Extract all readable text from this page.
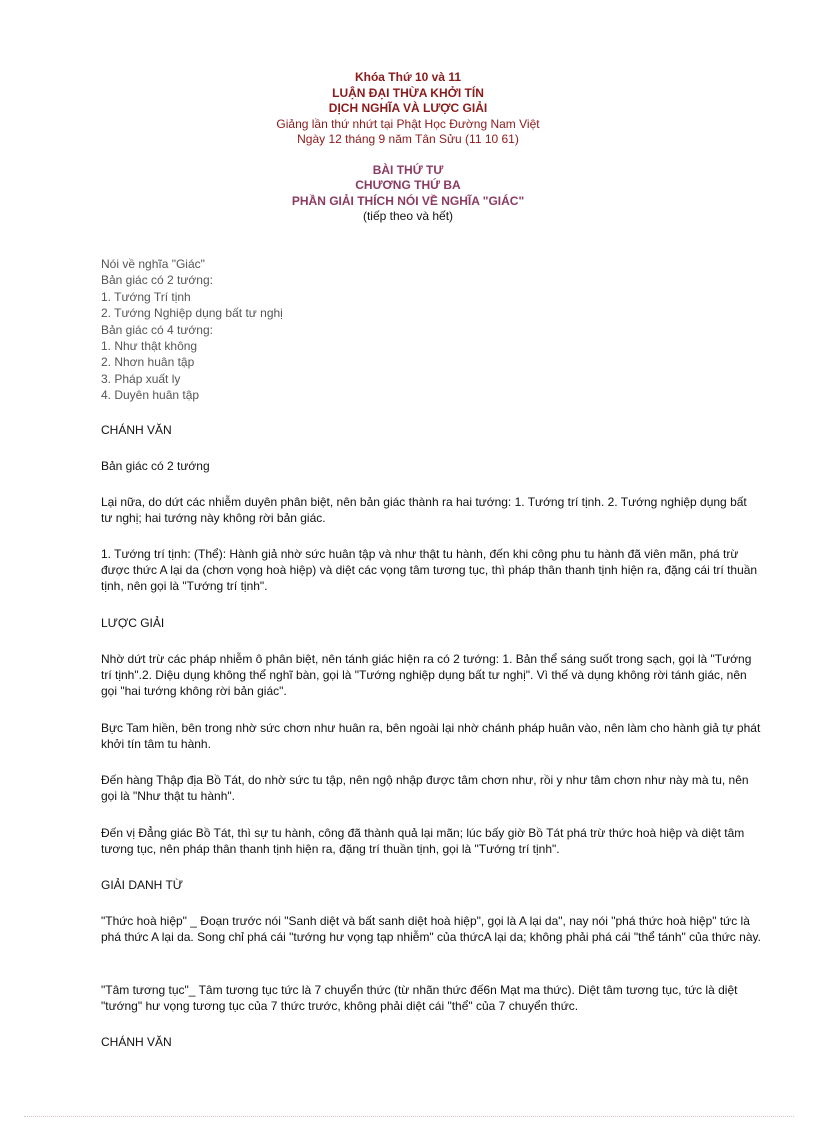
Khóa Thứ 10 và 11
LUẬN ĐẠI THỪA KHỞI TÍN
DỊCH NGHĨA VÀ LƯỢC GIẢI
Giảng lần thứ nhứt tại Phật Học Đường Nam Việt
Ngày 12 tháng 9 năm Tân Sửu (11 10 61)
BÀI THỨ TƯ
CHƯƠNG THỨ BA
PHẦN GIẢI THÍCH NÓI VỀ NGHĨA "GIÁC"
(tiếp theo và hết)
Nói về nghĩa "Giác"
Bản giác có 2 tướng:
1. Tướng Trí tịnh
2. Tướng Nghiệp dụng bất tư nghị
Bản giác có 4 tướng:
1. Như thật không
2. Nhơn huân tập
3. Pháp xuất ly
4. Duyên huân tập
CHÁNH VĂN
Bản giác có 2 tướng
Lại nữa, do dứt các nhiễm duyên phân biệt, nên bản giác thành ra hai tướng: 1. Tướng trí tịnh. 2. Tướng nghiệp dụng bất tư nghị; hai tướng này không rời bản giác.
1. Tướng trí tịnh: (Thể): Hành giả nhờ sức huân tập và như thật tu hành, đến khi công phu tu hành đã viên mãn, phá trừ được thức A lại da (chơn vọng hoà hiệp) và diệt các vọng tâm tương tục, thì pháp thân thanh tịnh hiện ra, đặng cái trí thuần tịnh, nên gọi là "Tướng trí tịnh".
LƯỢC GIẢI
Nhờ dứt trừ các pháp nhiễm ô phân biệt, nên tánh giác hiện ra có 2 tướng: 1. Bản thể sáng suốt trong sạch, gọi là "Tướng trí tịnh".2. Diệu dụng không thể nghĩ bàn, gọi là "Tướng nghiệp dụng bất tư nghị". Vì thế và dụng không rời tánh giác, nên gọi "hai tướng không rời bản giác".
Bực Tam hiền, bên trong nhờ sức chơn như huân ra, bên ngoài lại nhờ chánh pháp huân vào, nên làm cho hành giả tự phát khởi tín tâm tu hành.
Đến hàng Thập địa Bồ Tát, do nhờ sức tu tập, nên ngộ nhập được tâm chơn như, rồi y như tâm chơn như này mà tu, nên gọi là "Như thật tu hành".
Đến vị Đẳng giác Bồ Tát, thì sự tu hành, công đã thành quả lại mãn; lúc bấy giờ Bồ Tát phá trừ thức hoà hiệp và diệt tâm tương tục, nên pháp thân thanh tịnh hiện ra, đặng trí thuần tịnh, gọi là "Tướng trí tịnh".
GIẢI DANH TỪ
"Thức hoà hiệp" _ Đoạn trước nói "Sanh diệt và bất sanh diệt hoà hiệp", gọi là A lại da", nay nói "phá thức hoà hiệp" tức là phá thức A lại da. Song chỉ phá cái "tướng hư vọng tạp nhiễm" của thứcA lại da; không phải phá cái "thể tánh" của thức này.
"Tâm tương tục"_ Tâm tương tục tức là 7 chuyển thức (từ nhãn thức đế6n Mạt ma thức). Diệt tâm tương tục, tức là diệt "tướng" hư vọng tương tục của 7 thức trước, không phải diệt cái "thể" của 7 chuyển thức.
CHÁNH VĂN
